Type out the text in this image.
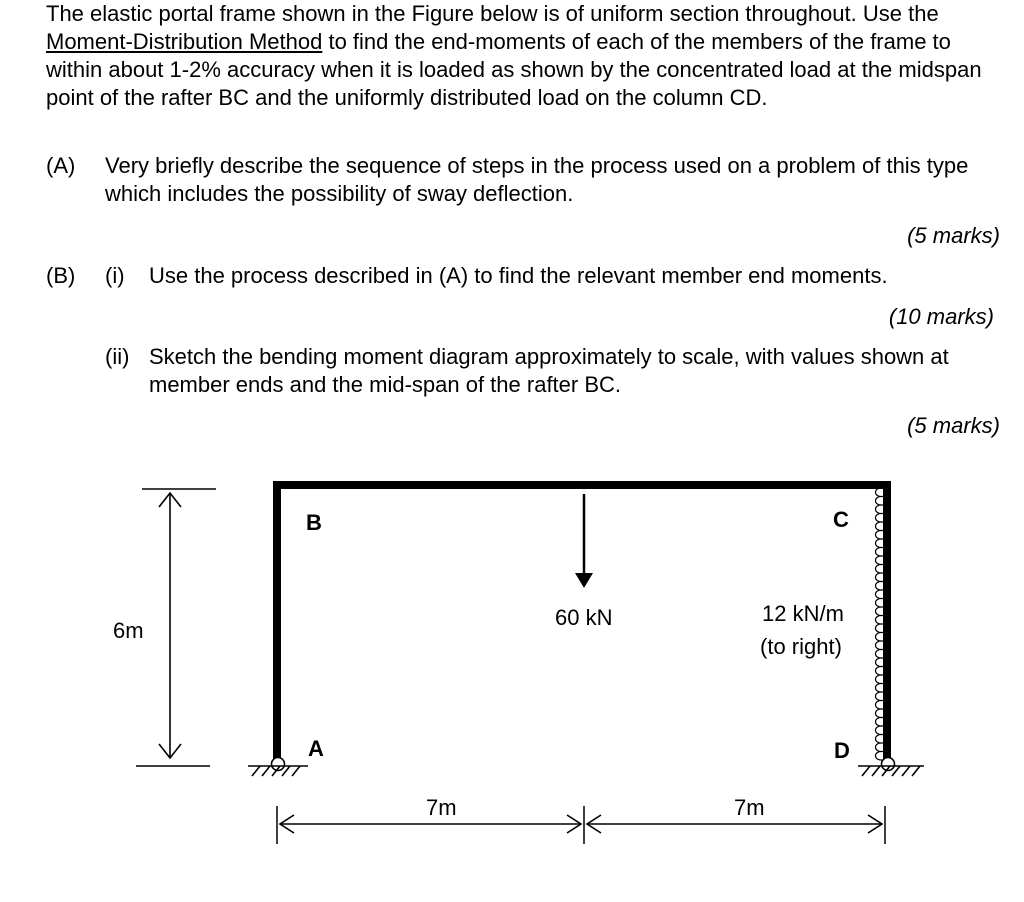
The elastic portal frame shown in the Figure below is of uniform section throughout. Use the Moment-Distribution Method to find the end-moments of each of the members of the frame to within about 1-2% accuracy when it is loaded as shown by the concentrated load at the midspan point of the rafter BC and the uniformly distributed load on the column CD.

(A) Very briefly describe the sequence of steps in the process used on a problem of this type which includes the possibility of sway deflection.
(5 marks)
(B) (i) Use the process described in (A) to find the relevant member end moments.
(10 marks)
(ii) Sketch the bending moment diagram approximately to scale, with values shown at member ends and the mid-span of the rafter BC.
(5 marks)
6m
B	C
A	D
60 kN	12 kN/m
(to right)
7m	7m
